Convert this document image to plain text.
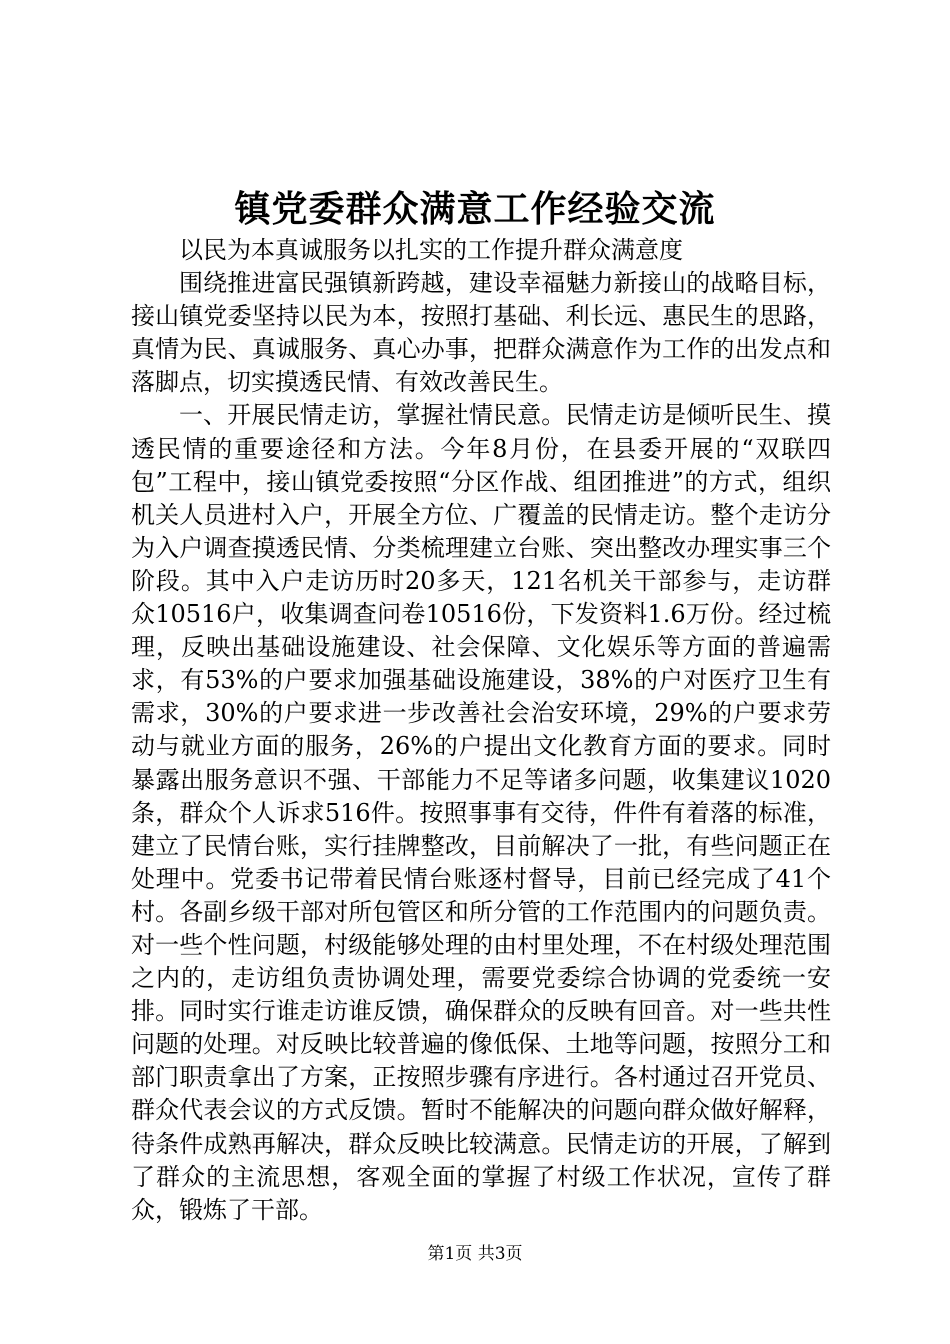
镇党委群众满意工作经验交流

以民为本真诚服务以扎实的工作提升群众满意度

围绕推进富民强镇新跨越，建设幸福魅力新接山的战略目标，接山镇党委坚持以民为本，按照打基础、利长远、惠民生的思路，真情为民、真诚服务、真心办事，把群众满意作为工作的出发点和落脚点，切实摸透民情、有效改善民生。

一、开展民情走访，掌握社情民意。民情走访是倾听民生、摸透民情的重要途径和方法。今年8月份，在县委开展的“双联四包”工程中，接山镇党委按照“分区作战、组团推进”的方式，组织机关人员进村入户，开展全方位、广覆盖的民情走访。整个走访分为入户调查摸透民情、分类梳理建立台账、突出整改办理实事三个阶段。其中入户走访历时20多天，121名机关干部参与，走访群众10516户，收集调查问卷10516份，下发资料1.6万份。经过梳理，反映出基础设施建设、社会保障、文化娱乐等方面的普遍需求，有53%的户要求加强基础设施建设，38%的户对医疗卫生有需求，30%的户要求进一步改善社会治安环境，29%的户要求劳动与就业方面的服务，26%的户提出文化教育方面的要求。同时暴露出服务意识不强、干部能力不足等诸多问题，收集建议1020条，群众个人诉求516件。按照事事有交待，件件有着落的标准，建立了民情台账，实行挂牌整改，目前解决了一批，有些问题正在处理中。党委书记带着民情台账逐村督导，目前已经完成了41个村。各副乡级干部对所包管区和所分管的工作范围内的问题负责。对一些个性问题，村级能够处理的由村里处理，不在村级处理范围之内的，走访组负责协调处理，需要党委综合协调的党委统一安排。同时实行谁走访谁反馈，确保群众的反映有回音。对一些共性问题的处理。对反映比较普遍的像低保、土地等问题，按照分工和部门职责拿出了方案，正按照步骤有序进行。各村通过召开党员、群众代表会议的方式反馈。暂时不能解决的问题向群众做好解释，待条件成熟再解决，群众反映比较满意。民情走访的开展，了解到了群众的主流思想，客观全面的掌握了村级工作状况，宣传了群众，锻炼了干部。

第1页 共3页
